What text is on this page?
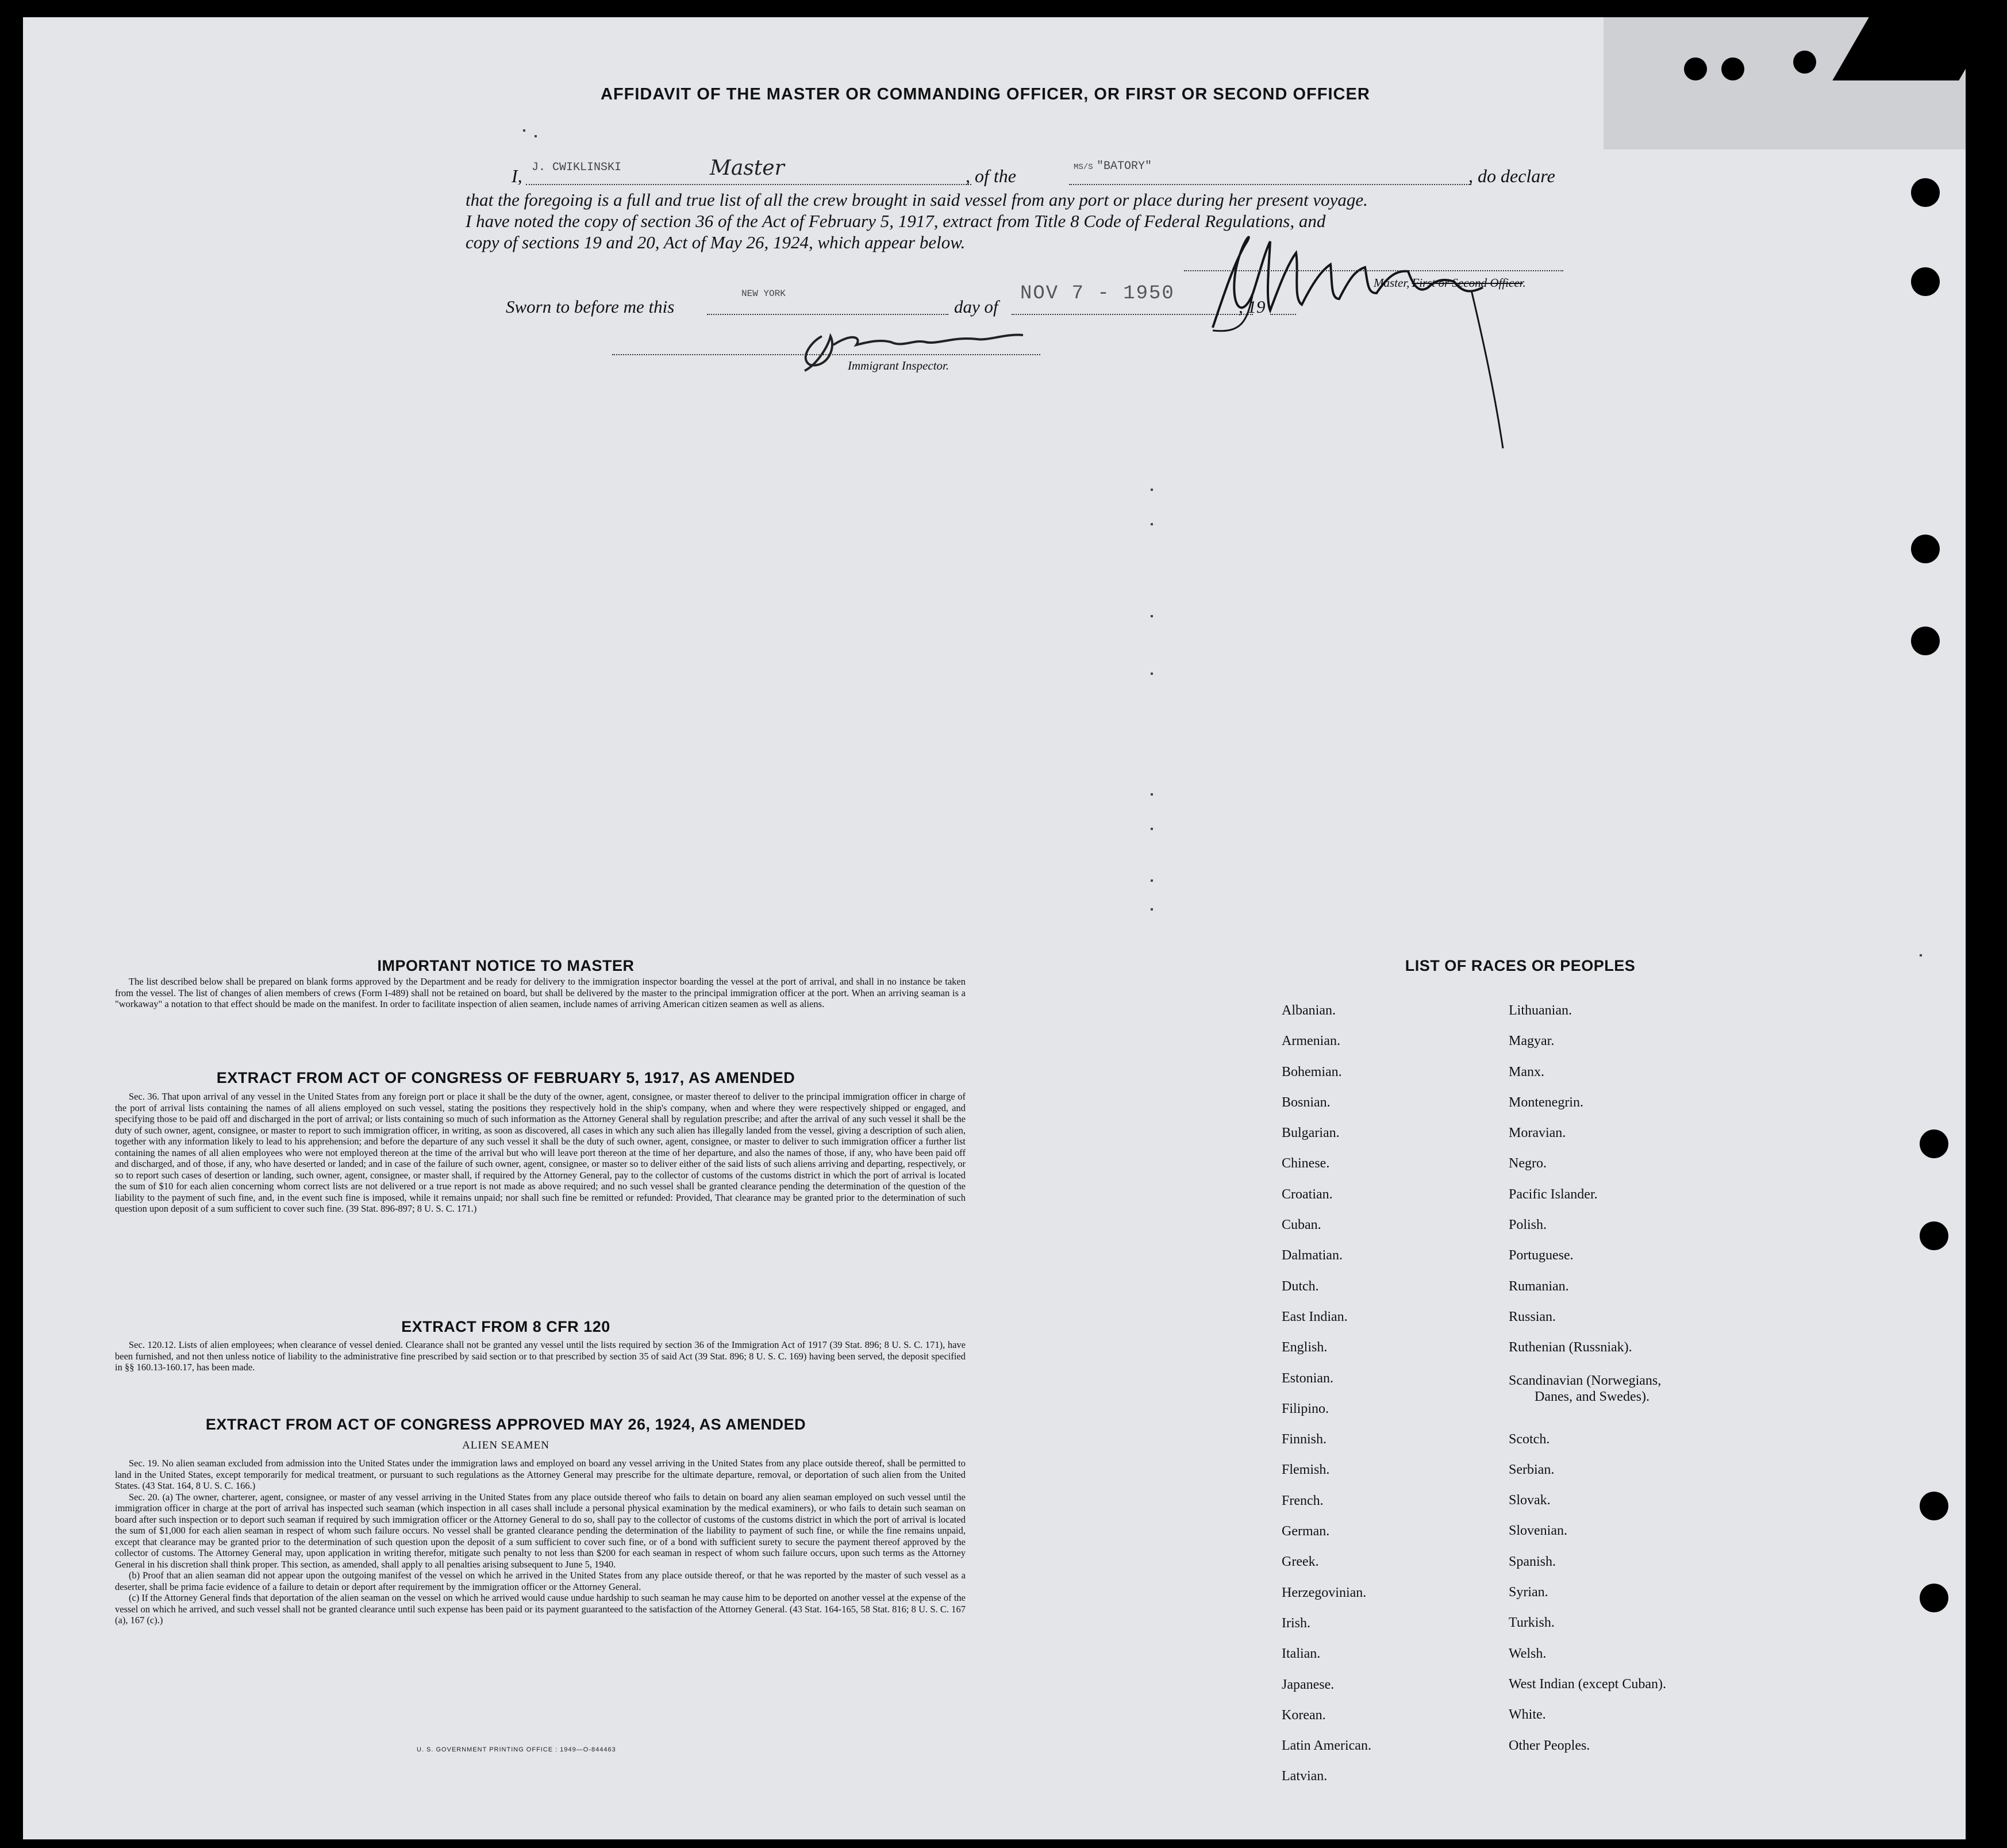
AFFIDAVIT OF THE MASTER OR COMMANDING OFFICER, OR FIRST OR SECOND OFFICER
I, J. CWIKLINSKI	Master	, of the	MS/S "BATORY"	, do declare
that the foregoing is a full and true list of all the crew brought in said vessel from any port or place during her present voyage.
I have noted the copy of section 36 of the Act of February 5, 1917, extract from Title 8 Code of Federal Regulations, and
copy of sections 19 and 20, Act of May 26, 1924, which appear below.
Master, First or Second Officer.
Sworn to before me this
NEW YORK
day of
NOV 7 - 1950
, 19
Immigrant Inspector.
IMPORTANT NOTICE TO MASTER

The list described below shall be prepared on blank forms approved by the Department and be ready for delivery to the immigration inspector boarding the vessel at the port of arrival, and shall in no instance be taken from the vessel. The list of changes of alien members of crews (Form I-489) shall not be retained on board, but shall be delivered by the master to the principal immigration officer at the port. When an arriving seaman is a "workaway" a notation to that effect should be made on the manifest. In order to facilitate inspection of alien seamen, include names of arriving American citizen seamen as well as aliens.

EXTRACT FROM ACT OF CONGRESS OF FEBRUARY 5, 1917, AS AMENDED

Sec. 36. That upon arrival of any vessel in the United States from any foreign port or place it shall be the duty of the owner, agent, consignee, or master thereof to deliver to the principal immigration officer in charge of the port of arrival lists containing the names of all aliens employed on such vessel, stating the positions they respectively hold in the ship's company, when and where they were respectively shipped or engaged, and specifying those to be paid off and discharged in the port of arrival; or lists containing so much of such information as the Attorney General shall by regulation prescribe; and after the arrival of any such vessel it shall be the duty of such owner, agent, consignee, or master to report to such immigration officer, in writing, as soon as discovered, all cases in which any such alien has illegally landed from the vessel, giving a description of such alien, together with any information likely to lead to his apprehension; and before the departure of any such vessel it shall be the duty of such owner, agent, consignee, or master to deliver to such immigration officer a further list containing the names of all alien employees who were not employed thereon at the time of the arrival but who will leave port thereon at the time of her departure, and also the names of those, if any, who have been paid off and discharged, and of those, if any, who have deserted or landed; and in case of the failure of such owner, agent, consignee, or master so to deliver either of the said lists of such aliens arriving and departing, respectively, or so to report such cases of desertion or landing, such owner, agent, consignee, or master shall, if required by the Attorney General, pay to the collector of customs of the customs district in which the port of arrival is located the sum of $10 for each alien concerning whom correct lists are not delivered or a true report is not made as above required; and no such vessel shall be granted clearance pending the determination of the question of the liability to the payment of such fine, and, in the event such fine is imposed, while it remains unpaid; nor shall such fine be remitted or refunded: Provided, That clearance may be granted prior to the determination of such question upon deposit of a sum sufficient to cover such fine. (39 Stat. 896-897; 8 U. S. C. 171.)

EXTRACT FROM 8 CFR 120

Sec. 120.12. Lists of alien employees; when clearance of vessel denied. Clearance shall not be granted any vessel until the lists required by section 36 of the Immigration Act of 1917 (39 Stat. 896; 8 U. S. C. 171), have been furnished, and not then unless notice of liability to the administrative fine prescribed by said section or to that prescribed by section 35 of said Act (39 Stat. 896; 8 U. S. C. 169) having been served, the deposit specified in §§ 160.13-160.17, has been made.

EXTRACT FROM ACT OF CONGRESS APPROVED MAY 26, 1924, AS AMENDED
ALIEN SEAMEN

Sec. 19. No alien seaman excluded from admission into the United States under the immigration laws and employed on board any vessel arriving in the United States from any place outside thereof, shall be permitted to land in the United States, except temporarily for medical treatment, or pursuant to such regulations as the Attorney General may prescribe for the ultimate departure, removal, or deportation of such alien from the United States. (43 Stat. 164, 8 U. S. C. 166.)

Sec. 20. (a) The owner, charterer, agent, consignee, or master of any vessel arriving in the United States from any place outside thereof who fails to detain on board any alien seaman employed on such vessel until the immigration officer in charge at the port of arrival has inspected such seaman (which inspection in all cases shall include a personal physical examination by the medical examiners), or who fails to detain such seaman on board after such inspection or to deport such seaman if required by such immigration officer or the Attorney General to do so, shall pay to the collector of customs of the customs district in which the port of arrival is located the sum of $1,000 for each alien seaman in respect of whom such failure occurs. No vessel shall be granted clearance pending the determination of the liability to payment of such fine, or while the fine remains unpaid, except that clearance may be granted prior to the determination of such question upon the deposit of a sum sufficient to cover such fine, or of a bond with sufficient surety to secure the payment thereof approved by the collector of customs. The Attorney General may, upon application in writing therefor, mitigate such penalty to not less than $200 for each seaman in respect of whom such failure occurs, upon such terms as the Attorney General in his discretion shall think proper. This section, as amended, shall apply to all penalties arising subsequent to June 5, 1940.

(b) Proof that an alien seaman did not appear upon the outgoing manifest of the vessel on which he arrived in the United States from any place outside thereof, or that he was reported by the master of such vessel as a deserter, shall be prima facie evidence of a failure to detain or deport after requirement by the immigration officer or the Attorney General.

(c) If the Attorney General finds that deportation of the alien seaman on the vessel on which he arrived would cause undue hardship to such seaman he may cause him to be deported on another vessel at the expense of the vessel on which he arrived, and such vessel shall not be granted clearance until such expense has been paid or its payment guaranteed to the satisfaction of the Attorney General. (43 Stat. 164-165, 58 Stat. 816; 8 U. S. C. 167 (a), 167 (c).)

U. S. GOVERNMENT PRINTING OFFICE : 1949—O-844463
LIST OF RACES OR PEOPLES
Albanian.
Armenian.
Bohemian.
Bosnian.
Bulgarian.
Chinese.
Croatian.
Cuban.
Dalmatian.
Dutch.
East Indian.
English.
Estonian.
Filipino.
Finnish.
Flemish.
French.
German.
Greek.
Herzegovinian.
Irish.
Italian.
Japanese.
Korean.
Latin American.
Latvian.
Lithuanian.
Magyar.
Manx.
Montenegrin.
Moravian.
Negro.
Pacific Islander.
Polish.
Portuguese.
Rumanian.
Russian.
Ruthenian (Russniak).
Scandinavian (Norwegians,
Danes, and Swedes).
Scotch.
Serbian.
Slovak.
Slovenian.
Spanish.
Syrian.
Turkish.
Welsh.
West Indian (except Cuban).
White.
Other Peoples.
